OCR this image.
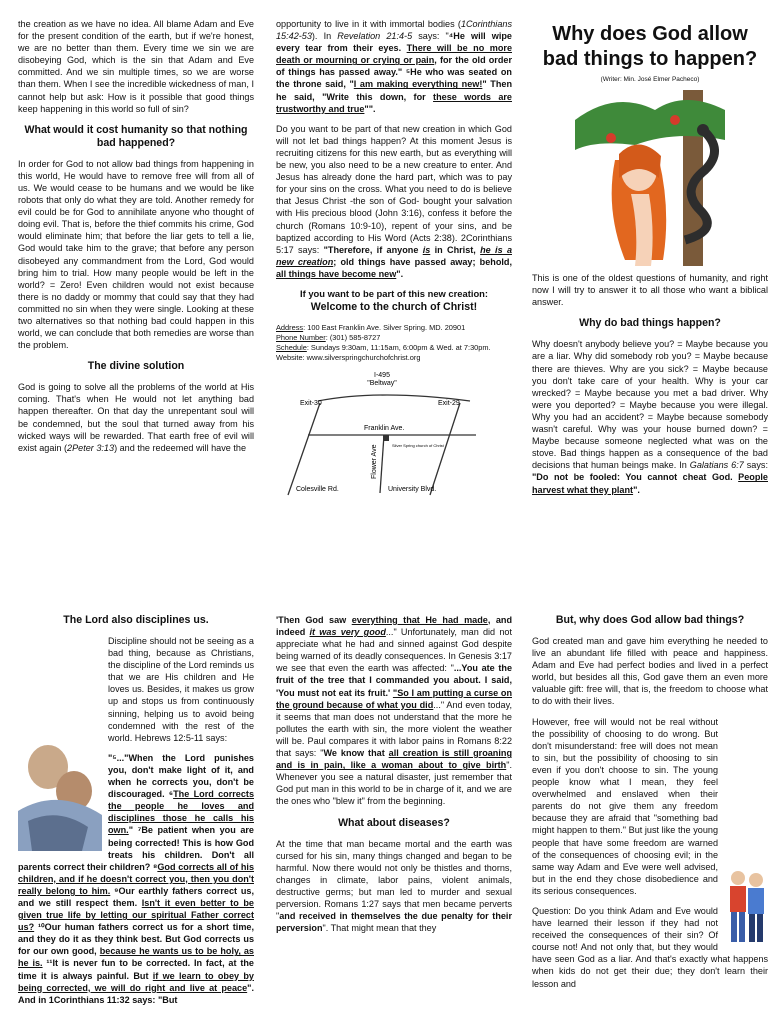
the creation as we have no idea. All blame Adam and Eve for the present condition of the earth, but if we're honest, we are no better than them. Every time we sin we are disobeying God, which is the sin that Adam and Eve committed. And we sin multiple times, so we are worse than them. When I see the incredible wickedness of man, I cannot help but ask: How is it possible that good things keep happening in this world so full of sin?

What would it cost humanity so that nothing bad happened?

In order for God to not allow bad things from happening in this world, He would have to remove free will from all of us. We would cease to be humans and we would be like robots that only do what they are told. Another remedy for evil could be for God to annihilate anyone who thought of doing evil. That is, before the thief commits his crime, God would eliminate him; that before the liar gets to tell a lie, God would take him to the grave; that before any person disobeyed any commandment from the Lord, God would bring him to trial. How many people would be left in the world? = Zero! Even children would not exist because there is no daddy or mommy that could say that they had committed no sin when they were single. Looking at these two alternatives so that nothing bad could happen in this world, we can conclude that both remedies are worse than the problem.

The divine solution

God is going to solve all the problems of the world at His coming. That's when He would not let anything bad happen thereafter. On that day the unrepentant soul will be condemned, but the soul that turned away from his wicked ways will be rewarded. That earth free of evil will exist again (2Peter 3:13) and the redeemed will have the

opportunity to live in it with immortal bodies (1Corinthians 15:42-53). In Revelation 21:4-5 says: "⁴He will wipe every tear from their eyes. There will be no more death or mourning or crying or pain, for the old order of things has passed away." ⁵He who was seated on the throne said, "I am making everything new!" Then he said, "Write this down, for these words are trustworthy and true"".

Do you want to be part of that new creation in which God will not let bad things happen? At this moment Jesus is recruiting citizens for this new earth, but as everything will be new, you also need to be a new creature to enter. And Jesus has already done the hard part, which was to pay for your sins on the cross. What you need to do is believe that Jesus Christ -the son of God- bought your salvation with His precious blood (John 3:16), confess it before the church (Romans 10:9-10), repent of your sins, and be baptized according to His Word (Acts 2:38). 2Corinthians 5:17 says: "Therefore, if anyone is in Christ, he is a new creation; old things have passed away; behold, all things have become new".

If you want to be part of this new creation:
Welcome to the church of Christ!
Address: 100 East Franklin Ave. Silver Spring. MD. 20901
Phone Number: (301) 585-8727
Schedule: Sundays 9:30am, 11:15am, 6:00pm & Wed. at 7:30pm. Website: www.silverspringchurchofchrist.org
I-495
"Beltway"
Exit-30	Exit-29
Franklin Ave.
Flower Ave	Silver Spring church of Christ
Colesville Rd.	University Blvd.
Why does God allow bad things to happen?
(Writer: Min. José Elmer Pacheco)

This is one of the oldest questions of humanity, and right now I will try to answer it to all those who want a biblical answer.

Why do bad things happen?

Why doesn't anybody believe you? = Maybe because you are a liar. Why did somebody rob you? = Maybe because there are thieves. Why are you sick? = Maybe because you don't take care of your health. Why is your car wrecked? = Maybe because you met a bad driver. Why were you deported? = Maybe because you were illegal. Why you had an accident? = Maybe because somebody wasn't careful. Why was your house burned down? = Maybe because someone neglected what was on the stove. Bad things happen as a consequence of the bad decisions that human beings make. In Galatians 6:7 says: "Do not be fooled: You cannot cheat God. People harvest what they plant".

The Lord also disciplines us.

Discipline should not be seeing as a bad thing, because as Christians, the discipline of the Lord reminds us that we are His children and He loves us. Besides, it makes us grow up and stops us from continuously sinning, helping us to avoid being condemned with the rest of the world. Hebrews 12:5-11 says:

"⁵..."When the Lord punishes you, don't make light of it, and when he corrects you, don't be discouraged. ⁶The Lord corrects the people he loves and disciplines those he calls his own." ⁷Be patient when you are being corrected! This is how God treats his children. Don't all parents correct their children? ⁸God corrects all of his children, and if he doesn't correct you, then you don't really belong to him. ⁹Our earthly fathers correct us, and we still respect them. Isn't it even better to be given true life by letting our spiritual Father correct us? ¹⁰Our human fathers correct us for a short time, and they do it as they think best. But God corrects us for our own good, because he wants us to be holy, as he is. ¹¹It is never fun to be corrected. In fact, at the time it is always painful. But if we learn to obey by being corrected, we will do right and live at peace". And in 1Corinthians 11:32 says: "But

'Then God saw everything that He had made, and indeed it was very good..." Unfortunately, man did not appreciate what he had and sinned against God despite being warned of its deadly consequences. In Genesis 3:17 we see that even the earth was affected: "...You ate the fruit of the tree that I commanded you about. I said, 'You must not eat its fruit.' "So I am putting a curse on the ground because of what you did..." And even today, it seems that man does not understand that the more he pollutes the earth with sin, the more violent the weather will be. Paul compares it with labor pains in Romans 8:22 that says: "We know that all creation is still groaning and is in pain, like a woman about to give birth". Whenever you see a natural disaster, just remember that God put man in this world to be in charge of it, and we are the ones who "blew it" from the beginning.

What about diseases?

At the time that man became mortal and the earth was cursed for his sin, many things changed and began to be harmful. Now there would not only be thistles and thorns, changes in climate, labor pains, violent animals, destructive germs; but man led to murder and sexual perversion. Romans 1:27 says that men became perverts "and received in themselves the due penalty for their perversion". That might mean that they

But, why does God allow bad things?

God created man and gave him everything he needed to live an abundant life filled with peace and happiness. Adam and Eve had perfect bodies and lived in a perfect world, but besides all this, God gave them an even more valuable gift: free will, that is, the freedom to choose what to do with their lives.

However, free will would not be real without the possibility of choosing to do wrong. But don't misunderstand: free will does not mean to sin, but the possibility of choosing to sin even if you don't choose to sin. The young people know what I mean, they feel overwhelmed and enslaved when their parents do not give them any freedom because they are afraid that "something bad might happen to them." But just like the young people that have some freedom are warned of the consequences of choosing evil; in the same way Adam and Eve were well advised, but in the end they chose disobedience and its serious consequences.

Question: Do you think Adam and Eve would have learned their lesson if they had not received the consequences of their sin? Of course not! And not only that, but they would have seen God as a liar. And that's exactly what happens when kids do not get their due; they don't learn their lesson and
